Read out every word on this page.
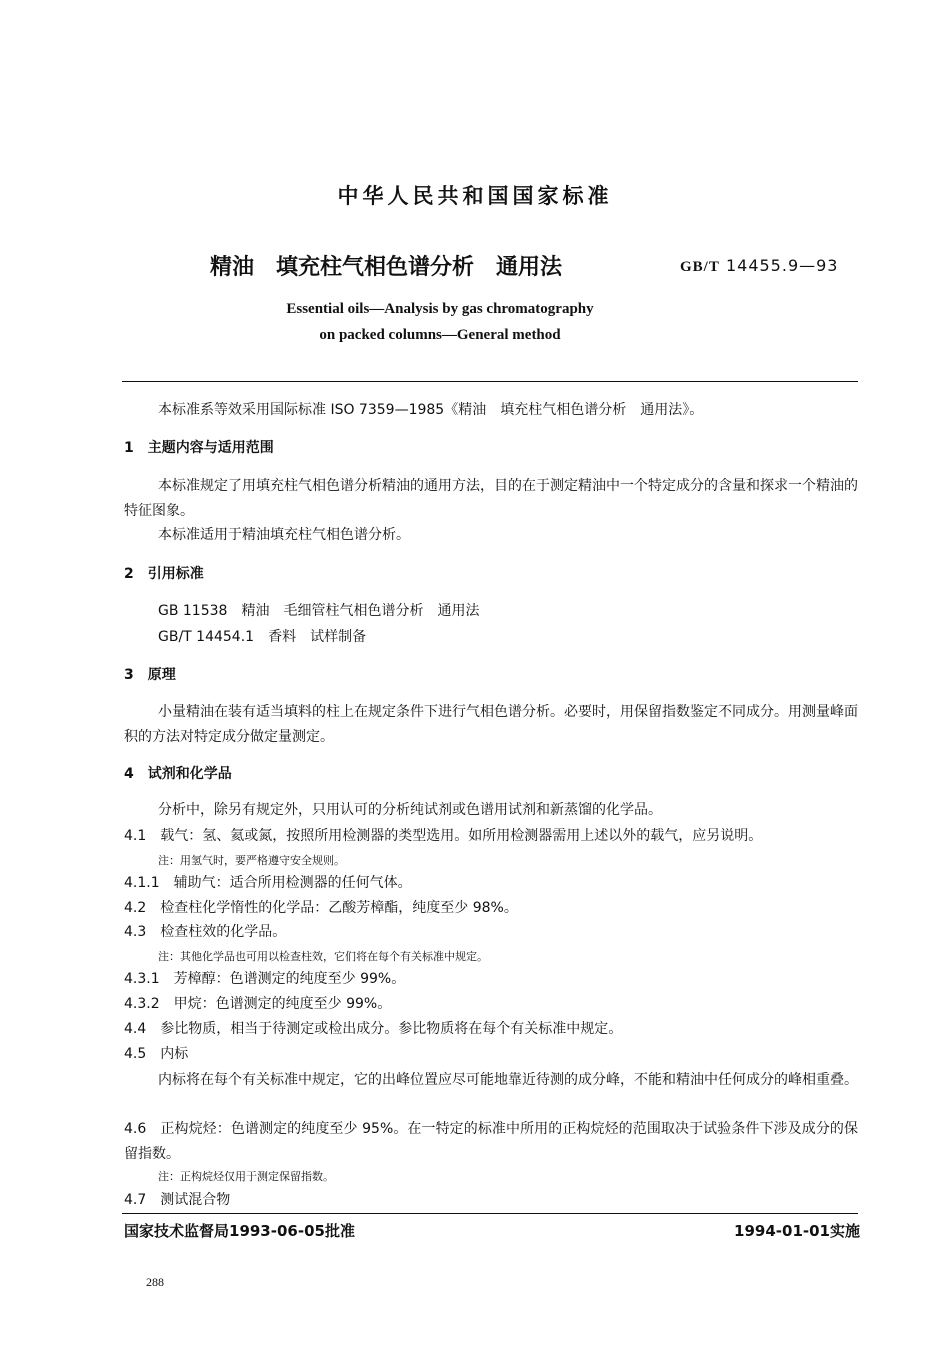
中华人民共和国国家标准
精油　填充柱气相色谱分析　通用法	GB/T 14455.9—93
Essential oils—Analysis by gas chromatography
on packed columns—General method
本标准系等效采用国际标准 ISO 7359—1985《精油　填充柱气相色谱分析　通用法》。
1　主题内容与适用范围
本标准规定了用填充柱气相色谱分析精油的通用方法，目的在于测定精油中一个特定成分的含量和探求一个精油的特征图象。
本标准适用于精油填充柱气相色谱分析。
2　引用标准
GB 11538　精油　毛细管柱气相色谱分析　通用法
GB/T 14454.1　香料　试样制备
3　原理
小量精油在装有适当填料的柱上在规定条件下进行气相色谱分析。必要时，用保留指数鉴定不同成分。用测量峰面积的方法对特定成分做定量测定。
4　试剂和化学品
分析中，除另有规定外，只用认可的分析纯试剂或色谱用试剂和新蒸馏的化学品。
4.1　载气：氢、氦或氮，按照所用检测器的类型选用。如所用检测器需用上述以外的载气，应另说明。
注：用氢气时，要严格遵守安全规则。
4.1.1　辅助气：适合所用检测器的任何气体。
4.2　检查柱化学惰性的化学品：乙酸芳樟酯，纯度至少 98%。
4.3　检查柱效的化学品。
注：其他化学品也可用以检查柱效，它们将在每个有关标准中规定。
4.3.1　芳樟醇：色谱测定的纯度至少 99%。
4.3.2　甲烷：色谱测定的纯度至少 99%。
4.4　参比物质，相当于待测定或检出成分。参比物质将在每个有关标准中规定。
4.5　内标
内标将在每个有关标准中规定，它的出峰位置应尽可能地靠近待测的成分峰，不能和精油中任何成分的峰相重叠。
4.6　正构烷烃：色谱测定的纯度至少 95%。在一特定的标准中所用的正构烷烃的范围取决于试验条件下涉及成分的保留指数。
注：正构烷烃仅用于测定保留指数。
4.7　测试混合物
国家技术监督局1993-06-05批准	1994-01-01实施
288
